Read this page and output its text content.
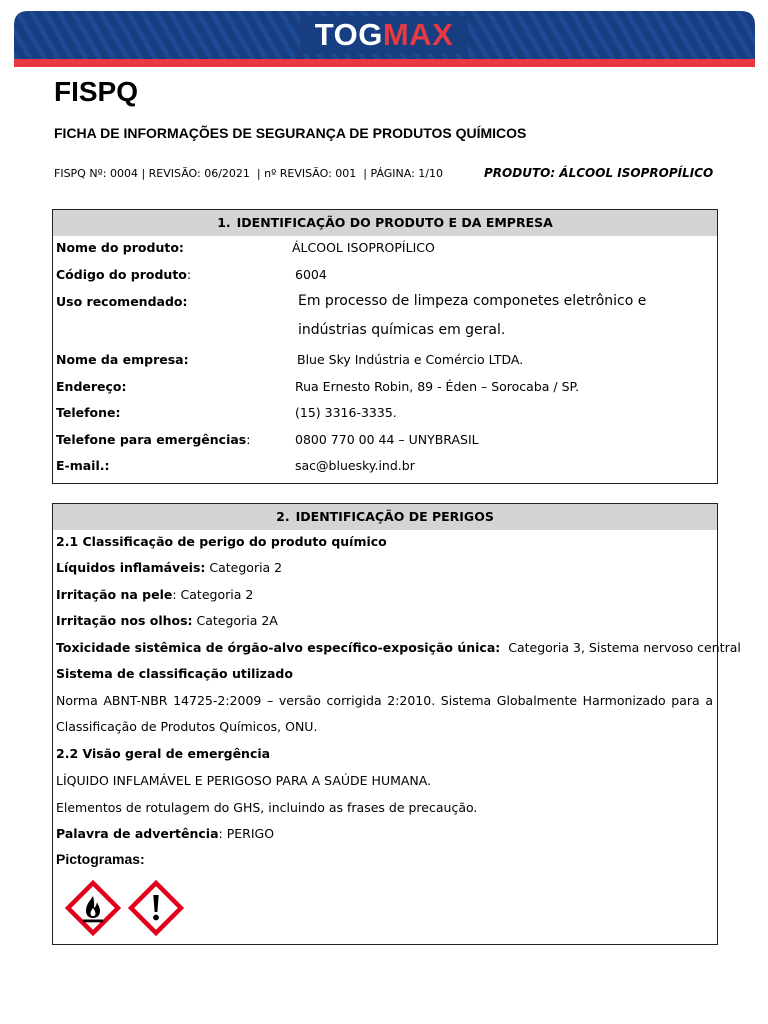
TOG MAX
FISPQ
FICHA DE INFORMAÇÕES DE SEGURANÇA DE PRODUTOS QUÍMICOS
FISPQ Nº: 0004 | REVISÃO: 06/2021  | nº REVISÃO: 001  | PÁGINA: 1/10	PRODUTO: ÁLCOOL ISOPROPÍLICO
1. IDENTIFICAÇÃO DO PRODUTO E DA EMPRESA
Nome do produto:	ÁLCOOL ISOPROPÍLICO
Código do produto:	6004
Uso recomendado:	Em processo de limpeza componetes eletrônico e indústrias químicas em geral.
Nome da empresa:	Blue Sky Indústria e Comércio LTDA.
Endereço:	Rua Ernesto Robin, 89 - Éden – Sorocaba / SP.
Telefone:	(15) 3316-3335.
Telefone para emergências:	0800 770 00 44 – UNYBRASIL
E-mail.:	sac@bluesky.ind.br
2. IDENTIFICAÇÃO DE PERIGOS
2.1 Classificação de perigo do produto químico
Líquidos inflamáveis: Categoria 2
Irritação na pele: Categoria 2
Irritação nos olhos: Categoria 2A
Toxicidade sistêmica de órgão-alvo específico-exposição única:  Categoria 3, Sistema nervoso central
Sistema de classificação utilizado
Norma ABNT-NBR 14725-2:2009 – versão corrigida 2:2010. Sistema Globalmente Harmonizado para a
Classificação de Produtos Químicos, ONU.
2.2 Visão geral de emergência
LÍQUIDO INFLAMÁVEL E PERIGOSO PARA A SAÚDE HUMANA.
Elementos de rotulagem do GHS, incluindo as frases de precaução.
Palavra de advertência: PERIGO
Pictogramas:
